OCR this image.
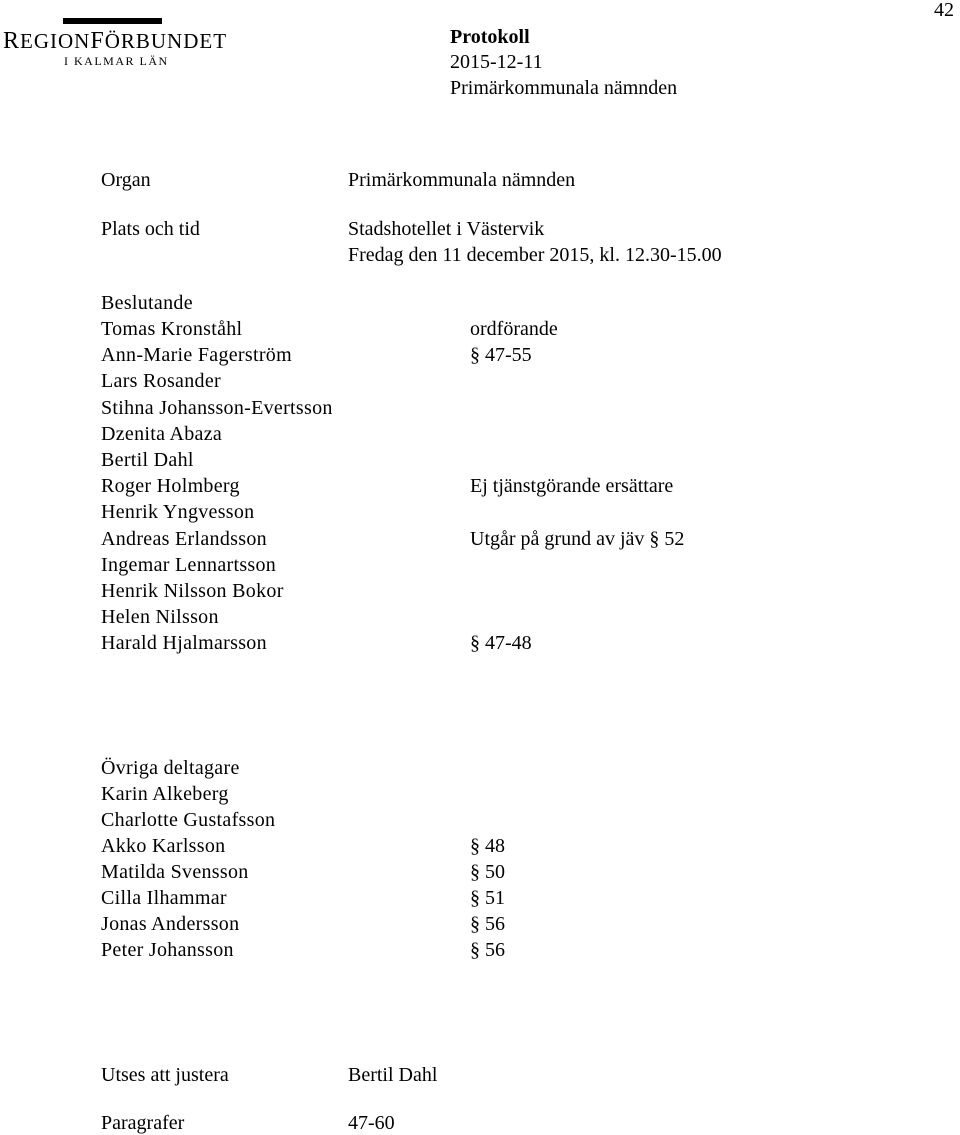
REGIONFÖRBUNDET
I KALMAR LÄN
42
Protokoll
2015-12-11
Primärkommunala nämnden
Organ	Primärkommunala nämnden
Plats och tid	Stadshotellet i Västervik
Fredag den 11 december 2015, kl. 12.30-15.00
Beslutande
Tomas Kronståhl	ordförande
Ann-Marie Fagerström	§ 47-55
Lars Rosander
Stihna Johansson-Evertsson
Dzenita Abaza
Bertil Dahl
Roger Holmberg	Ej tjänstgörande ersättare
Henrik Yngvesson
Andreas Erlandsson	Utgår på grund av jäv § 52
Ingemar Lennartsson
Henrik Nilsson Bokor
Helen Nilsson
Harald Hjalmarsson	§ 47-48
Övriga deltagare
Karin Alkeberg
Charlotte Gustafsson
Akko Karlsson	§ 48
Matilda Svensson	§ 50
Cilla Ilhammar	§ 51
Jonas Andersson	§ 56
Peter Johansson	§ 56
Utses att justera	Bertil Dahl
Paragrafer	47-60
